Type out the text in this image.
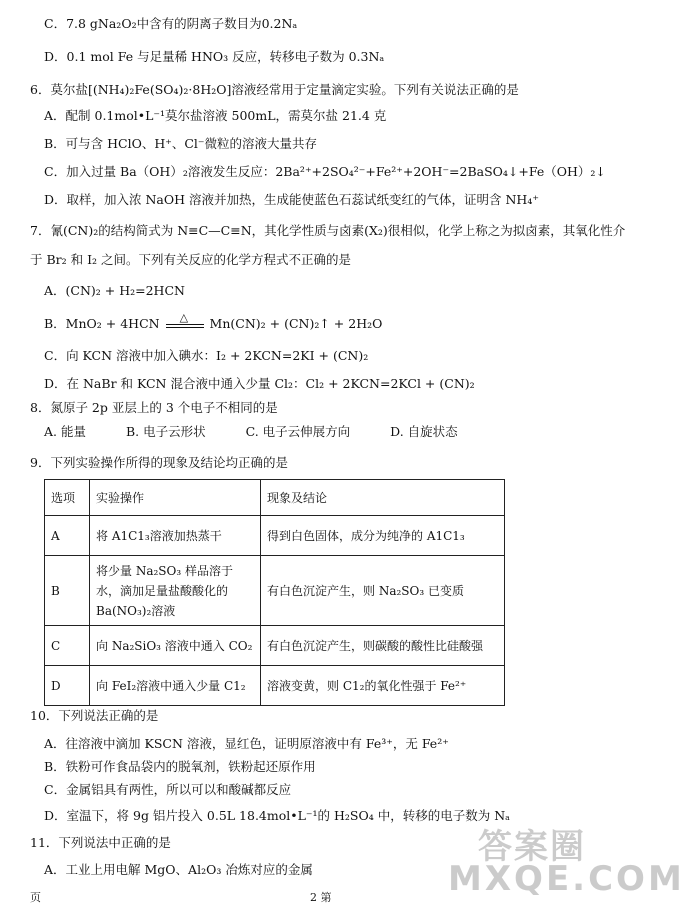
C．7.8 gNa₂O₂中含有的阴离子数目为0.2Nₐ
D．0.1 mol Fe 与足量稀 HNO₃ 反应，转移电子数为 0.3Nₐ
6．莫尔盐[(NH₄)₂Fe(SO₄)₂·8H₂O]溶液经常用于定量滴定实验。下列有关说法正确的是
A．配制 0.1mol•L⁻¹莫尔盐溶液 500mL，需莫尔盐 21.4 克
B．可与含 HClO、H⁺、Cl⁻微粒的溶液大量共存
C．加入过量 Ba（OH）₂溶液发生反应：2Ba²⁺+2SO₄²⁻+Fe²⁺+2OH⁻=2BaSO₄↓+Fe（OH）₂↓
D．取样，加入浓 NaOH 溶液并加热，生成能使蓝色石蕊试纸变红的气体，证明含 NH₄⁺
7．氰(CN)₂的结构简式为 N≡C—C≡N，其化学性质与卤素(X₂)很相似，化学上称之为拟卤素，其氧化性介
于 Br₂ 和 I₂ 之间。下列有关反应的化学方程式不正确的是
A．(CN)₂ + H₂=2HCN
B．MnO₂ + 4HCN △ Mn(CN)₂ + (CN)₂↑ + 2H₂O
C．向 KCN 溶液中加入碘水：I₂ + 2KCN=2KI + (CN)₂
D．在 NaBr 和 KCN 混合液中通入少量 Cl₂：Cl₂ + 2KCN=2KCl + (CN)₂
8．氮原子 2p 亚层上的 3 个电子不相同的是
A. 能量	B. 电子云形状	C. 电子云伸展方向	D. 自旋状态
9．下列实验操作所得的现象及结论均正确的是
选项	实验操作	现象及结论
A	将 A1C1₃溶液加热蒸干	得到白色固体，成分为纯净的 A1C1₃
B	将少量 Na₂SO₃ 样品溶于水，滴加足量盐酸酸化的 Ba(NO₃)₂溶液	有白色沉淀产生，则 Na₂SO₃ 已变质
C	向 Na₂SiO₃ 溶液中通入 CO₂	有白色沉淀产生，则碳酸的酸性比硅酸强
D	向 FeI₂溶液中通入少量 C1₂	溶液变黄，则 C1₂的氧化性强于 Fe²⁺
10．下列说法正确的是
A．往溶液中滴加 KSCN 溶液，显红色，证明原溶液中有 Fe³⁺，无 Fe²⁺
B．铁粉可作食品袋内的脱氧剂，铁粉起还原作用
C．金属铝具有两性，所以可以和酸碱都反应
D．室温下，将 9g 铝片投入 0.5L 18.4mol•L⁻¹的 H₂SO₄ 中，转移的电子数为 Nₐ
11．下列说法中正确的是
A．工业上用电解 MgO、Al₂O₃ 冶炼对应的金属
页	2 第
答案圈
MXQE.COM
